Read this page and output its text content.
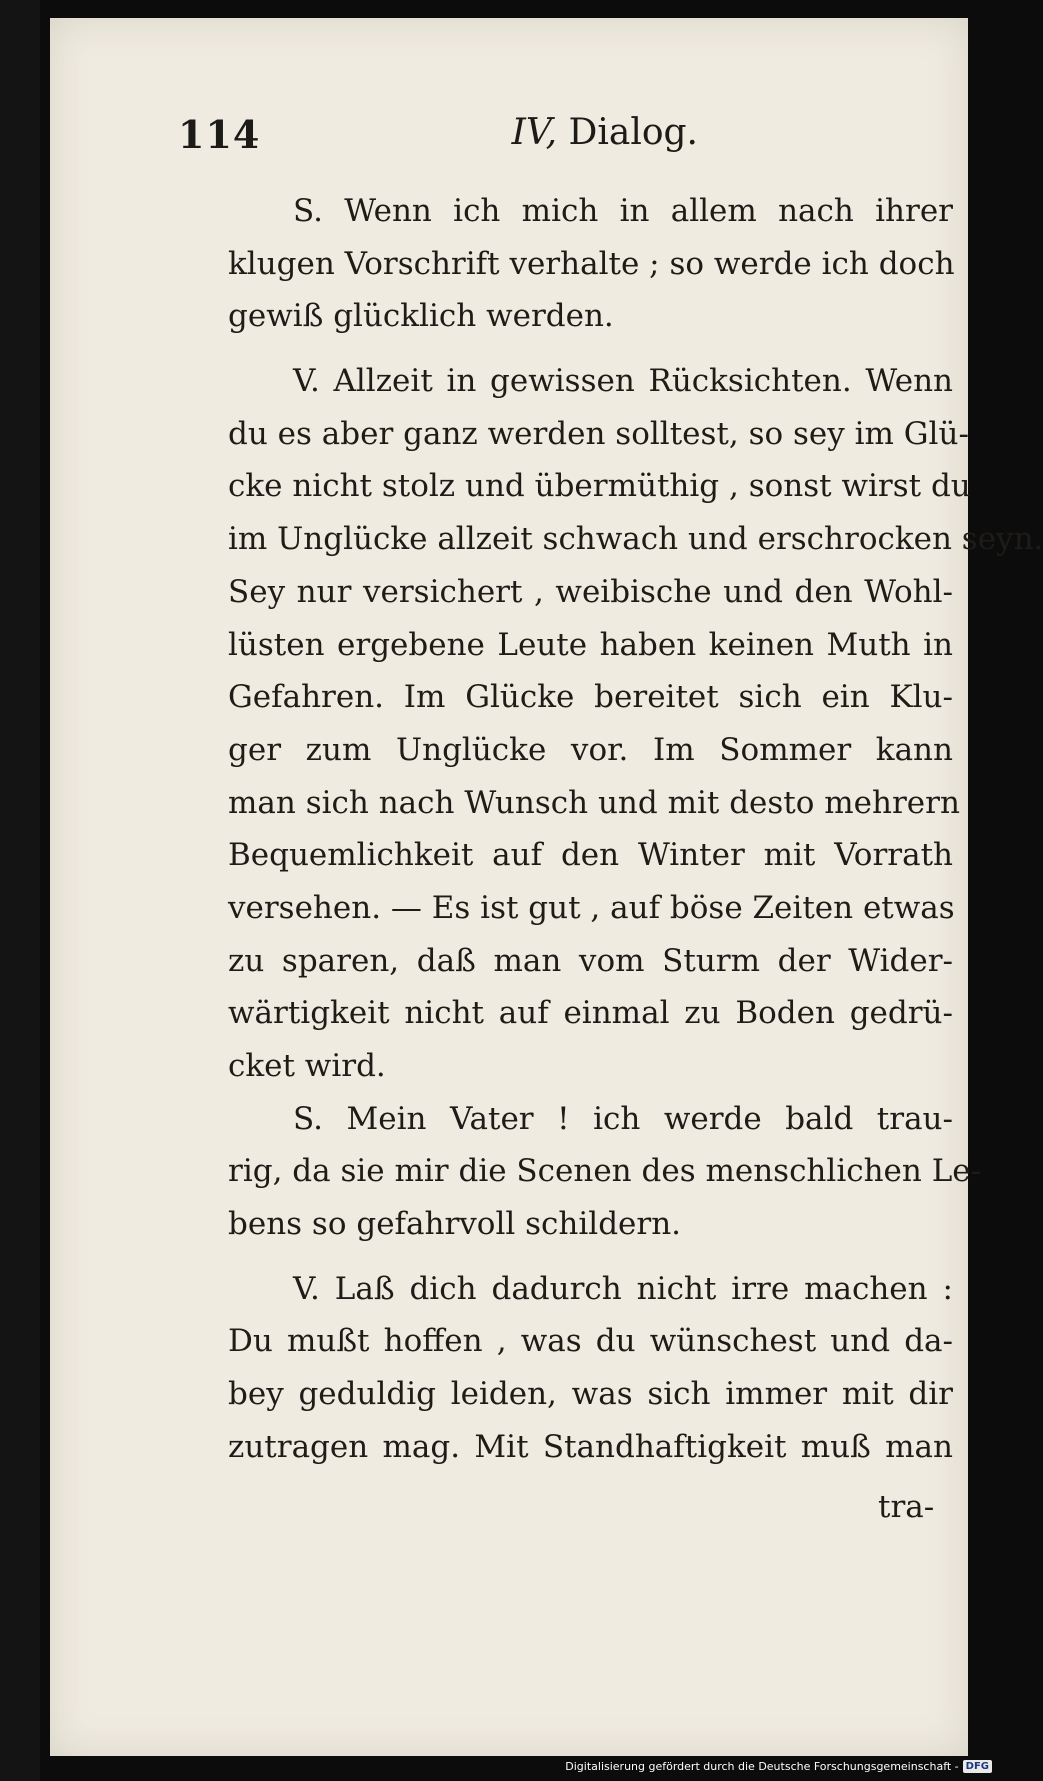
114	IV, Dialog.
S. Wenn ich mich in allem nach ihrer
klugen Vorschrift verhalte ; so werde ich doch
gewiß glücklich werden.
V. Allzeit in gewissen Rücksichten. Wenn
du es aber ganz werden solltest, so sey im Glü-
cke nicht stolz und übermüthig , sonst wirst du
im Unglücke allzeit schwach und erschrocken seyn.
Sey nur versichert , weibische und den Wohl-
lüsten ergebene Leute haben keinen Muth in
Gefahren. Im Glücke bereitet sich ein Klu-
ger zum Unglücke vor. Im Sommer kann
man sich nach Wunsch und mit desto mehrern
Bequemlichkeit auf den Winter mit Vorrath
versehen. — Es ist gut , auf böse Zeiten etwas
zu sparen, daß man vom Sturm der Wider-
wärtigkeit nicht auf einmal zu Boden gedrü-
cket wird.
S. Mein Vater ! ich werde bald trau-
rig, da sie mir die Scenen des menschlichen Le-
bens so gefahrvoll schildern.
V. Laß dich dadurch nicht irre machen :
Du mußt hoffen , was du wünschest und da-
bey geduldig leiden, was sich immer mit dir
zutragen mag. Mit Standhaftigkeit muß man
tra-
Digitalisierung gefördert durch die Deutsche Forschungsgemeinschaft - DFG
